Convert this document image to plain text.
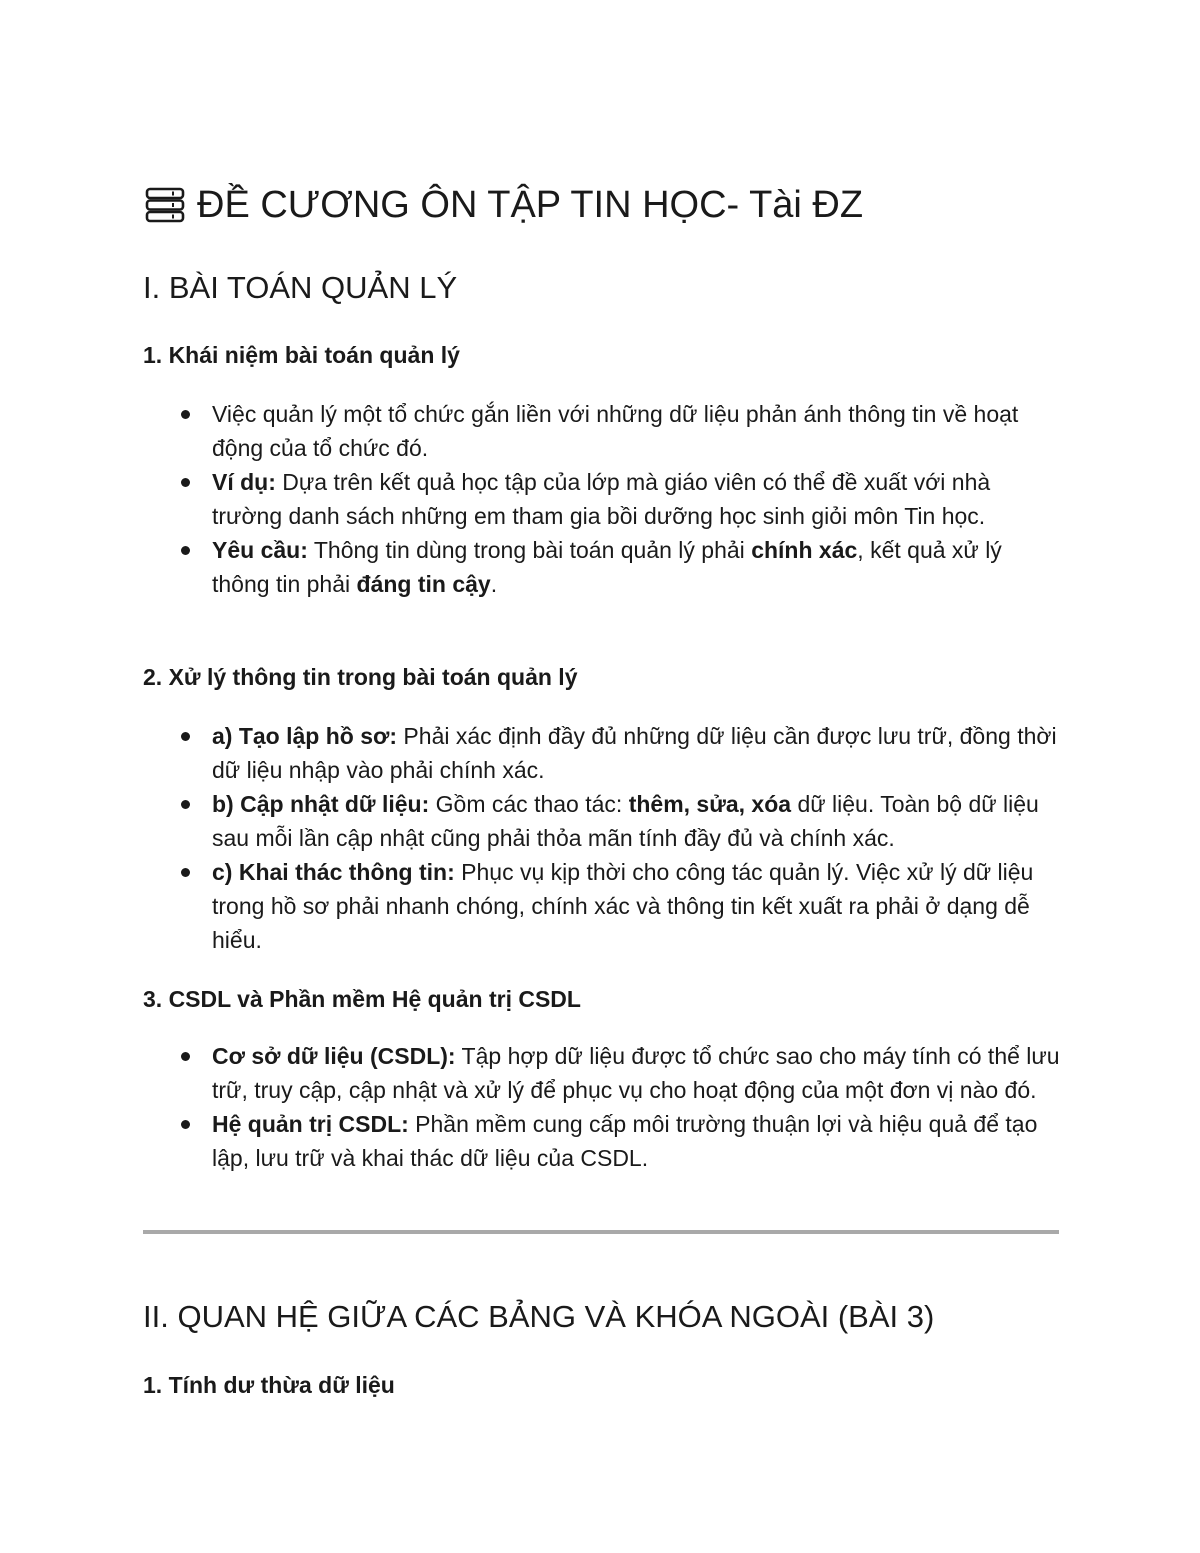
ĐỀ CƯƠNG ÔN TẬP TIN HỌC- Tài ĐZ
I. BÀI TOÁN QUẢN LÝ
1. Khái niệm bài toán quản lý
Việc quản lý một tổ chức gắn liền với những dữ liệu phản ánh thông tin về hoạt động của tổ chức đó.
Ví dụ: Dựa trên kết quả học tập của lớp mà giáo viên có thể đề xuất với nhà trường danh sách những em tham gia bồi dưỡng học sinh giỏi môn Tin học.
Yêu cầu: Thông tin dùng trong bài toán quản lý phải chính xác, kết quả xử lý thông tin phải đáng tin cậy.
2. Xử lý thông tin trong bài toán quản lý
a) Tạo lập hồ sơ: Phải xác định đầy đủ những dữ liệu cần được lưu trữ, đồng thời dữ liệu nhập vào phải chính xác.
b) Cập nhật dữ liệu: Gồm các thao tác: thêm, sửa, xóa dữ liệu. Toàn bộ dữ liệu sau mỗi lần cập nhật cũng phải thỏa mãn tính đầy đủ và chính xác.
c) Khai thác thông tin: Phục vụ kịp thời cho công tác quản lý. Việc xử lý dữ liệu trong hồ sơ phải nhanh chóng, chính xác và thông tin kết xuất ra phải ở dạng dễ hiểu.
3. CSDL và Phần mềm Hệ quản trị CSDL
Cơ sở dữ liệu (CSDL): Tập hợp dữ liệu được tổ chức sao cho máy tính có thể lưu trữ, truy cập, cập nhật và xử lý để phục vụ cho hoạt động của một đơn vị nào đó.
Hệ quản trị CSDL: Phần mềm cung cấp môi trường thuận lợi và hiệu quả để tạo lập, lưu trữ và khai thác dữ liệu của CSDL.
II. QUAN HỆ GIỮA CÁC BẢNG VÀ KHÓA NGOÀI (BÀI 3)
1. Tính dư thừa dữ liệu
